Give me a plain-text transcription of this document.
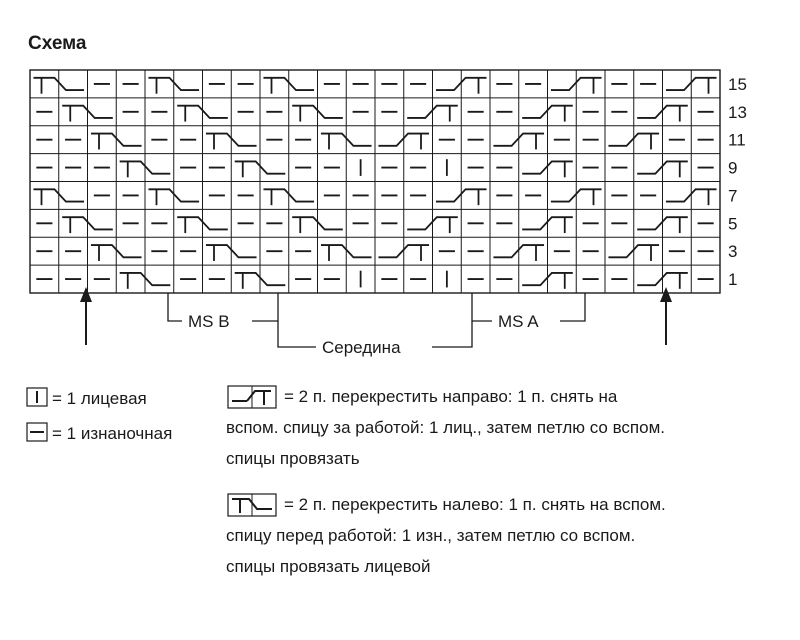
Схема
15
13
11
9
7
5
3
1
MS B	MS A
Середина
= 1 лицевая
= 1 изнаночная
= 2 п. перекрестить направо: 1 п. снять на вспом. спицу за работой: 1 лиц., затем петлю со вспом. спицы провязать
= 2 п. перекрестить налево: 1 п. снять на вспом. спицу перед работой: 1 изн., затем петлю со вспом. спицы провязать лицевой
